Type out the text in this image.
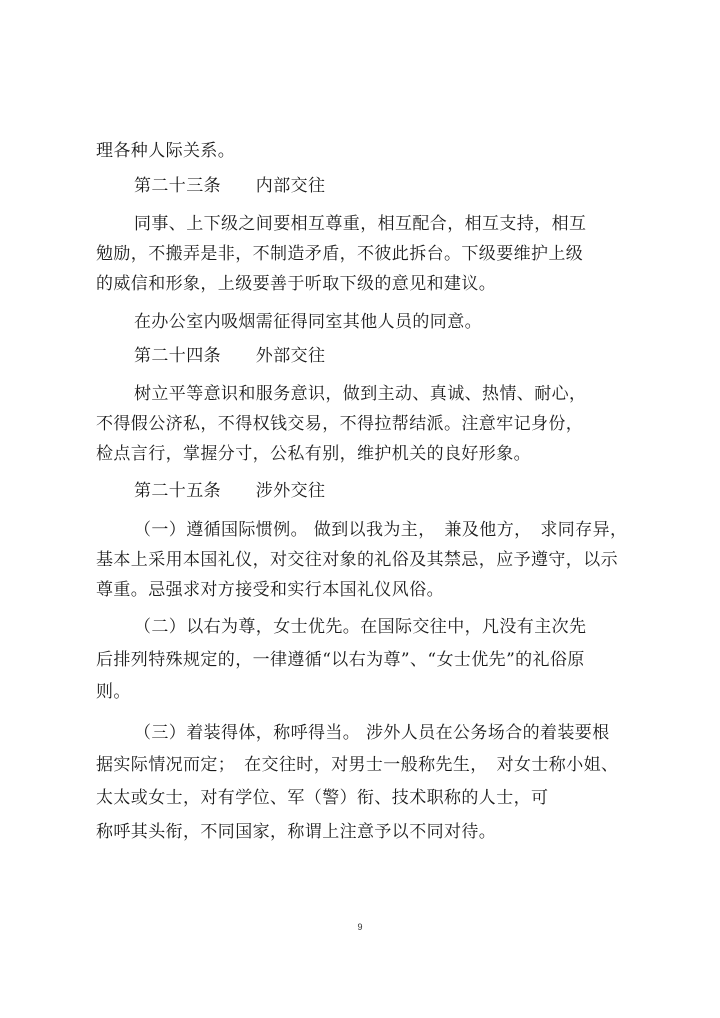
理各种人际关系。
第二十三条　　内部交往
同事、上下级之间要相互尊重，相互配合，相互支持，相互
勉励，不搬弄是非，不制造矛盾，不彼此拆台。下级要维护上级
的威信和形象，上级要善于听取下级的意见和建议。
在办公室内吸烟需征得同室其他人员的同意。
第二十四条　　外部交往
树立平等意识和服务意识，做到主动、真诚、热情、耐心，
不得假公济私，不得权钱交易，不得拉帮结派。注意牢记身份，
检点言行，掌握分寸，公私有别，维护机关的良好形象。
第二十五条　　涉外交往
（一）遵循国际惯例。 做到以我为主，　兼及他方，　求同存异，
基本上采用本国礼仪，对交往对象的礼俗及其禁忌，应予遵守，以示
尊重。忌强求对方接受和实行本国礼仪风俗。
（二）以右为尊，女士优先。在国际交往中，凡没有主次先
后排列特殊规定的，一律遵循“以右为尊”、“女士优先”的礼俗原
则。
（三）着装得体，称呼得当。 涉外人员在公务场合的着装要根
据实际情况而定；　在交往时，对男士一般称先生，　对女士称小姐、
太太或女士，对有学位、军（警）衔、技术职称的人士，可
称呼其头衔，不同国家，称谓上注意予以不同对待。
9
